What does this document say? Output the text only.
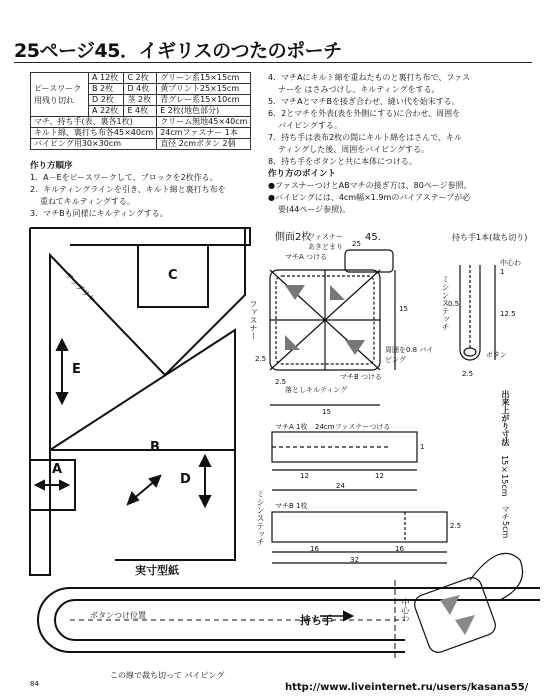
25ページ45．イギリスのつたのポーチ
ピースワーク
用残り切れ	A 12枚	C 2枚	グリーン系15×15cm
	B 2枚	D 4枚	黄プリント25×15cm
	D 2枚	茎 2枚	青グレー系15×10cm
	A 22枚	E 4枚	E 2枚(地色部分)
マチ、持ち手(表、裏各1枚)			クリーム無地45×40cm
キルト綿、裏打ち布各45×40cm			24cmファスナー 1本
バイピング用30×30cm			直径 2cmボタン 2個
作り方順序
1．A－Eをピースワークして、ブロックを2枚作る。
2．キルティングラインを引き、キルト綿と裏打ち布を
重ねてキルティングする。
3．マチBも同様にキルティングする。
4．マチAにキルト綿を重ねたものと裏打ち布で、ファス
ナーを はさみづけし、キルティングをする。
5．マチAとマチBを接ぎ合わせ、縫い代を始末する。
6．2とマチを外表(表を外側にする)に合わせ、周囲を
バイピングする。
7．持ち手は表布2枚の間にキルト綿をはさんで、キル
ティングした後、周囲をバイピングする。
8．持ち手をボタンと共に本体につける。
作り方のポイント
●ファスナーつけとABマチの接ぎ方は、80ページ参照。
●バイピングには、4cm幅×1.9mのバイアステープが必
要(44ページ参照)。
アップリケ	C
E
B
D
A
実寸型紙
ボタンつけ位置	持ち手	中心わ
この線で裁ち切って パイピング
84
側面2枚	45.
マチA つける
ファスナー あきどまり
マチB つける
落としキルティング
ファスナー
周囲を0.8 バイピング
15
15
2.5
2.5
25
持ち手1本(裁ち切り)
中心わ
12.5
ミシンステッチ
ボタン
1
0.5
2.5
マチA 1枚 24cmファスナーつける
24
1
12	12
ミシンステッチ マチB 1枚
16	16
32
2.5
出来上がり寸法
15×15cm
マチ5cm
http://www.liveinternet.ru/users/kasana55/
